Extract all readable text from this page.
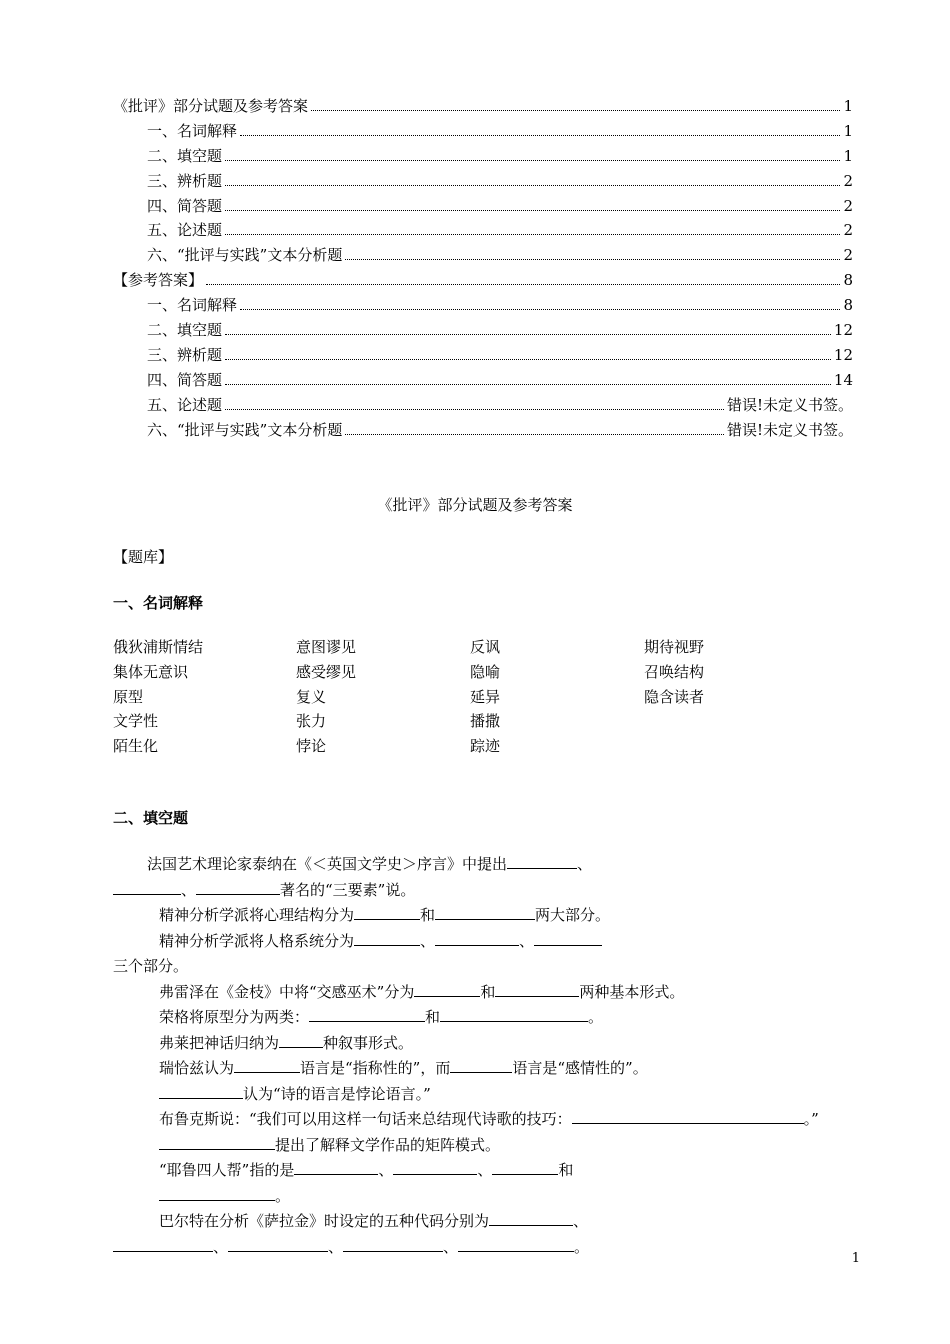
《批评》部分试题及参考答案	1
一、名词解释	1
二、填空题	1
三、辨析题	2
四、简答题	2
五、论述题	2
六、“批评与实践”文本分析题	2
【参考答案】	8
一、名词解释	8
二、填空题	12
三、辨析题	12
四、简答题	14
五、论述题	错误!未定义书签。
六、“批评与实践”文本分析题	错误!未定义书签。
《批评》部分试题及参考答案
【题库】
一、名词解释
俄狄浦斯情结	意图谬见	反讽	期待视野
集体无意识	感受缪见	隐喻	召唤结构
原型	复义	延异	隐含读者
文学性	张力	播撒
陌生化	悖论	踪迹
二、填空题
法国艺术理论家泰纳在《＜英国文学史＞序言》中提出	、
、	著名的“三要素”说。
精神分析学派将心理结构分为	和	两大部分。
精神分析学派将人格系统分为	、	、
三个部分。
弗雷泽在《金枝》中将“交感巫术”分为	和	两种基本形式。
荣格将原型分为两类：	和	。
弗莱把神话归纳为	种叙事形式。
瑞恰兹认为	语言是“指称性的”，而	语言是“感情性的”。
认为“诗的语言是悖论语言。”
布鲁克斯说：“我们可以用这样一句话来总结现代诗歌的技巧：	。”
提出了解释文学作品的矩阵模式。
“耶鲁四人帮”指的是	、	、	和
。
巴尔特在分析《萨拉金》时设定的五种代码分别为	、
、	、	、	。
1
